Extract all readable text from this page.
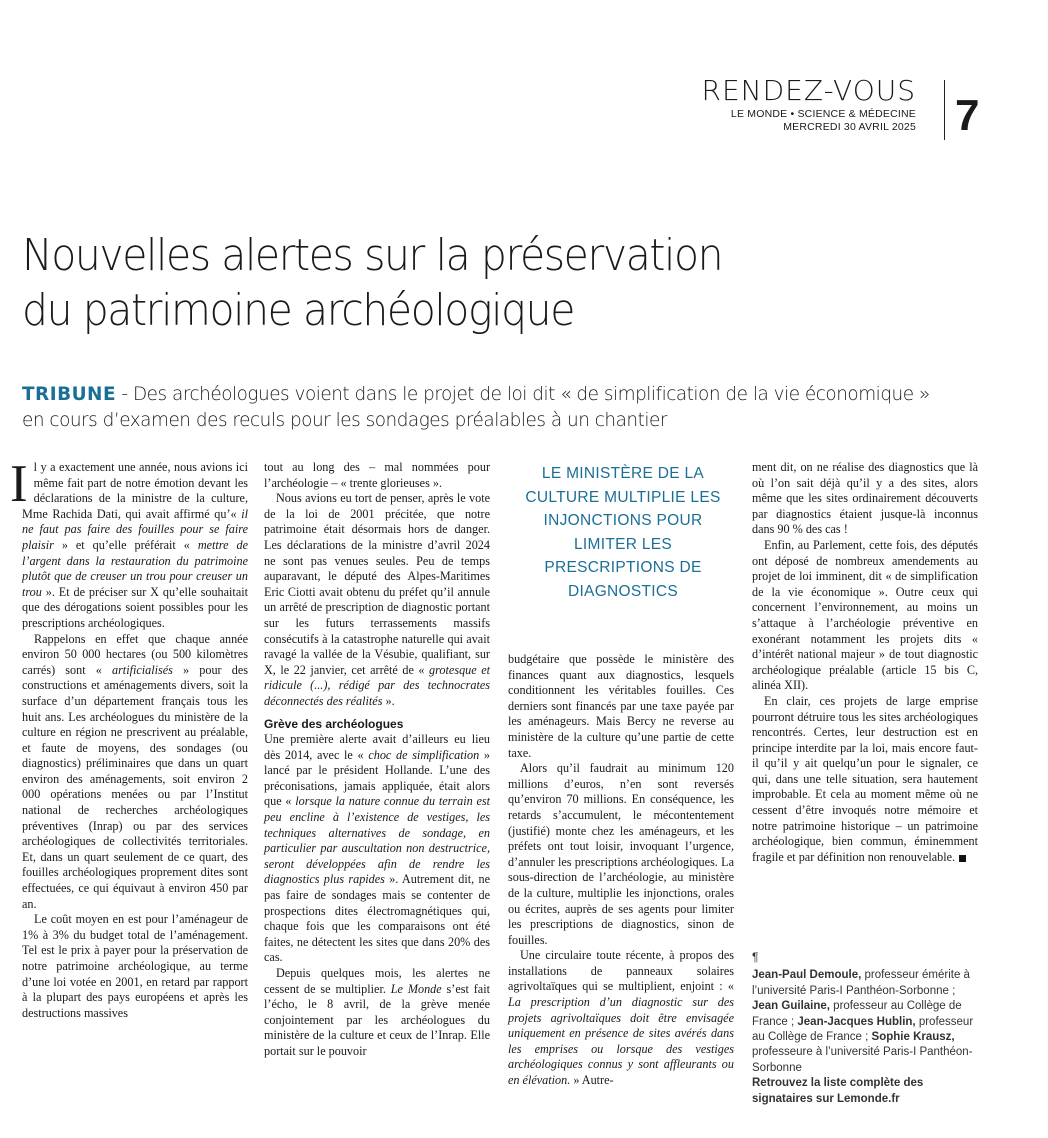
RENDEZ-VOUS
LE MONDE • SCIENCE & MÉDECINE
MERCREDI 30 AVRIL 2025 7
Nouvelles alertes sur la préservation
du patrimoine archéologique

TRIBUNE - Des archéologues voient dans le projet de loi dit « de simplification de la vie économique » en cours d’examen des reculs pour les sondages préalables à un chantier

Il y a exactement une année, nous avions ici même fait part de notre émotion devant les déclarations de la ministre de la culture, Mme Rachida Dati, qui avait affirmé qu’« il ne faut pas faire des fouilles pour se faire plaisir » et qu’elle préférait « mettre de l’argent dans la restauration du patrimoine plutôt que de creuser un trou pour creuser un trou ». Et de préciser sur X qu’elle souhaitait que des dérogations soient possibles pour les prescriptions archéologiques.

Rappelons en effet que chaque année environ 50 000 hectares (ou 500 kilomètres carrés) sont « artificialisés » pour des constructions et aménagements divers, soit la surface d’un département français tous les huit ans. Les archéologues du ministère de la culture en région ne prescrivent au préalable, et faute de moyens, des sondages (ou diagnostics) préliminaires que dans un quart environ des aménagements, soit environ 2 000 opérations menées ou par l’Institut national de recherches archéologiques préventives (Inrap) ou par des services archéologiques de collectivités territoriales. Et, dans un quart seulement de ce quart, des fouilles archéologiques proprement dites sont effectuées, ce qui équivaut à environ 450 par an.

Le coût moyen en est pour l’aménageur de 1% à 3% du budget total de l’aménagement. Tel est le prix à payer pour la préservation de notre patrimoine archéologique, au terme d’une loi votée en 2001, en retard par rapport à la plupart des pays européens et après les destructions massives

tout au long des – mal nommées pour l’archéologie – « trente glorieuses ».

Nous avions eu tort de penser, après le vote de la loi de 2001 précitée, que notre patrimoine était désormais hors de danger. Les déclarations de la ministre d’avril 2024 ne sont pas venues seules. Peu de temps auparavant, le député des Alpes-Maritimes Eric Ciotti avait obtenu du préfet qu’il annule un arrêté de prescription de diagnostic portant sur les futurs terrassements massifs consécutifs à la catastrophe naturelle qui avait ravagé la vallée de la Vésubie, qualifiant, sur X, le 22 janvier, cet arrêté de « grotesque et ridicule (...), rédigé par des technocrates déconnectés des réalités ».

Grève des archéologues

Une première alerte avait d’ailleurs eu lieu dès 2014, avec le « choc de simplification » lancé par le président Hollande. L’une des préconisations, jamais appliquée, était alors que « lorsque la nature connue du terrain est peu encline à l’existence de vestiges, les techniques alternatives de sondage, en particulier par auscultation non destructrice, seront développées afin de rendre les diagnostics plus rapides ». Autrement dit, ne pas faire de sondages mais se contenter de prospections dites électromagnétiques qui, chaque fois que les comparaisons ont été faites, ne détectent les sites que dans 20% des cas.

Depuis quelques mois, les alertes ne cessent de se multiplier. Le Monde s’est fait l’écho, le 8 avril, de la grève menée conjointement par les archéologues du ministère de la culture et ceux de l’Inrap. Elle portait sur le pouvoir

LE MINISTÈRE DE LA CULTURE MULTIPLIE LES INJONCTIONS POUR LIMITER LES PRESCRIPTIONS DE DIAGNOSTICS

budgétaire que possède le ministère des finances quant aux diagnostics, lesquels conditionnent les véritables fouilles. Ces derniers sont financés par une taxe payée par les aménageurs. Mais Bercy ne reverse au ministère de la culture qu’une partie de cette taxe.

Alors qu’il faudrait au minimum 120 millions d’euros, n’en sont reversés qu’environ 70 millions. En conséquence, les retards s’accumulent, le mécontentement (justifié) monte chez les aménageurs, et les préfets ont tout loisir, invoquant l’urgence, d’annuler les prescriptions archéologiques. La sous-direction de l’archéologie, au ministère de la culture, multiplie les injonctions, orales ou écrites, auprès de ses agents pour limiter les prescriptions de diagnostics, sinon de fouilles.

Une circulaire toute récente, à propos des installations de panneaux solaires agrivoltaïques qui se multiplient, enjoint : « La prescription d’un diagnostic sur des projets agrivoltaïques doit être envisagée uniquement en présence de sites avérés dans les emprises ou lorsque des vestiges archéologiques connus y sont affleurants ou en élévation. » Autre-

ment dit, on ne réalise des diagnostics que là où l’on sait déjà qu’il y a des sites, alors même que les sites ordinairement découverts par diagnostics étaient jusque-là inconnus dans 90 % des cas !

Enfin, au Parlement, cette fois, des députés ont déposé de nombreux amendements au projet de loi imminent, dit « de simplification de la vie économique ». Outre ceux qui concernent l’environnement, au moins un s’attaque à l’archéologie préventive en exonérant notamment les projets dits « d’intérêt national majeur » de tout diagnostic archéologique préalable (article 15 bis C, alinéa XII).

En clair, ces projets de large emprise pourront détruire tous les sites archéologiques rencontrés. Certes, leur destruction est en principe interdite par la loi, mais encore faut-il qu’il y ait quelqu’un pour le signaler, ce qui, dans une telle situation, sera hautement improbable. Et cela au moment même où ne cessent d’être invoqués notre mémoire et notre patrimoine historique – un patrimoine archéologique, bien commun, éminemment fragile et par définition non renouvelable.

¶
Jean-Paul Demoule, professeur émérite à l’université Paris-I Panthéon-Sorbonne ; Jean Guilaine, professeur au Collège de France ; Jean-Jacques Hublin, professeur au Collège de France ; Sophie Krausz, professeure à l’université Paris-I Panthéon-Sorbonne
Retrouvez la liste complète des signataires sur Lemonde.fr
